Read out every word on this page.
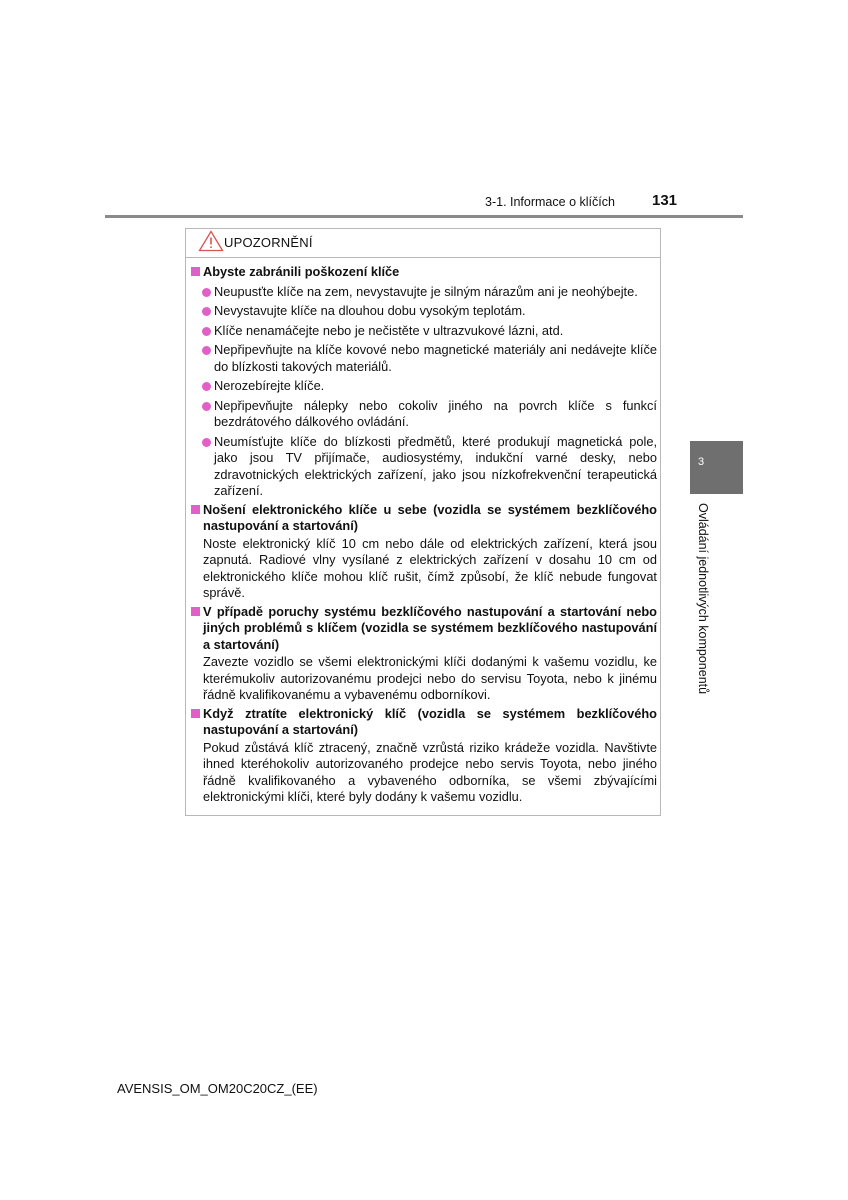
3-1. Informace o klíčích 131
3
Ovládání jednotlivých komponentů
UPOZORNĚNÍ
Abyste zabránili poškození klíče
Neupusťte klíče na zem, nevystavujte je silným nárazům ani je neohýbejte.
Nevystavujte klíče na dlouhou dobu vysokým teplotám.
Klíče nenamáčejte nebo je nečistěte v ultrazvukové lázni, atd.
Nepřipevňujte na klíče kovové nebo magnetické materiály ani nedávejte klíče do blízkosti takových materiálů.
Nerozebírejte klíče.
Nepřipevňujte nálepky nebo cokoliv jiného na povrch klíče s funkcí bezdrátového dálkového ovládání.
Neumísťujte klíče do blízkosti předmětů, které produkují magnetická pole, jako jsou TV přijímače, audiosystémy, indukční varné desky, nebo zdravotnických elektrických zařízení, jako jsou nízkofrekvenční terapeutická zařízení.
Nošení elektronického klíče u sebe (vozidla se systémem bezklíčového nastupování a startování)
Noste elektronický klíč 10 cm nebo dále od elektrických zařízení, která jsou zapnutá. Radiové vlny vysílané z elektrických zařízení v dosahu 10 cm od elektronického klíče mohou klíč rušit, čímž způsobí, že klíč nebude fungovat správě.
V případě poruchy systému bezklíčového nastupování a startování nebo jiných problémů s klíčem (vozidla se systémem bezklíčového nastupování a startování)
Zavezte vozidlo se všemi elektronickými klíči dodanými k vašemu vozidlu, ke kterémukoliv autorizovanému prodejci nebo do servisu Toyota, nebo k jinému řádně kvalifikovanému a vybavenému odborníkovi.
Když ztratíte elektronický klíč (vozidla se systémem bezklíčového nastupování a startování)
Pokud zůstává klíč ztracený, značně vzrůstá riziko krádeže vozidla. Navštivte ihned kteréhokoliv autorizovaného prodejce nebo servis Toyota, nebo jiného řádně kvalifikovaného a vybaveného odborníka, se všemi zbývajícími elektronickými klíči, které byly dodány k vašemu vozidlu.
AVENSIS_OM_OM20C20CZ_(EE)
